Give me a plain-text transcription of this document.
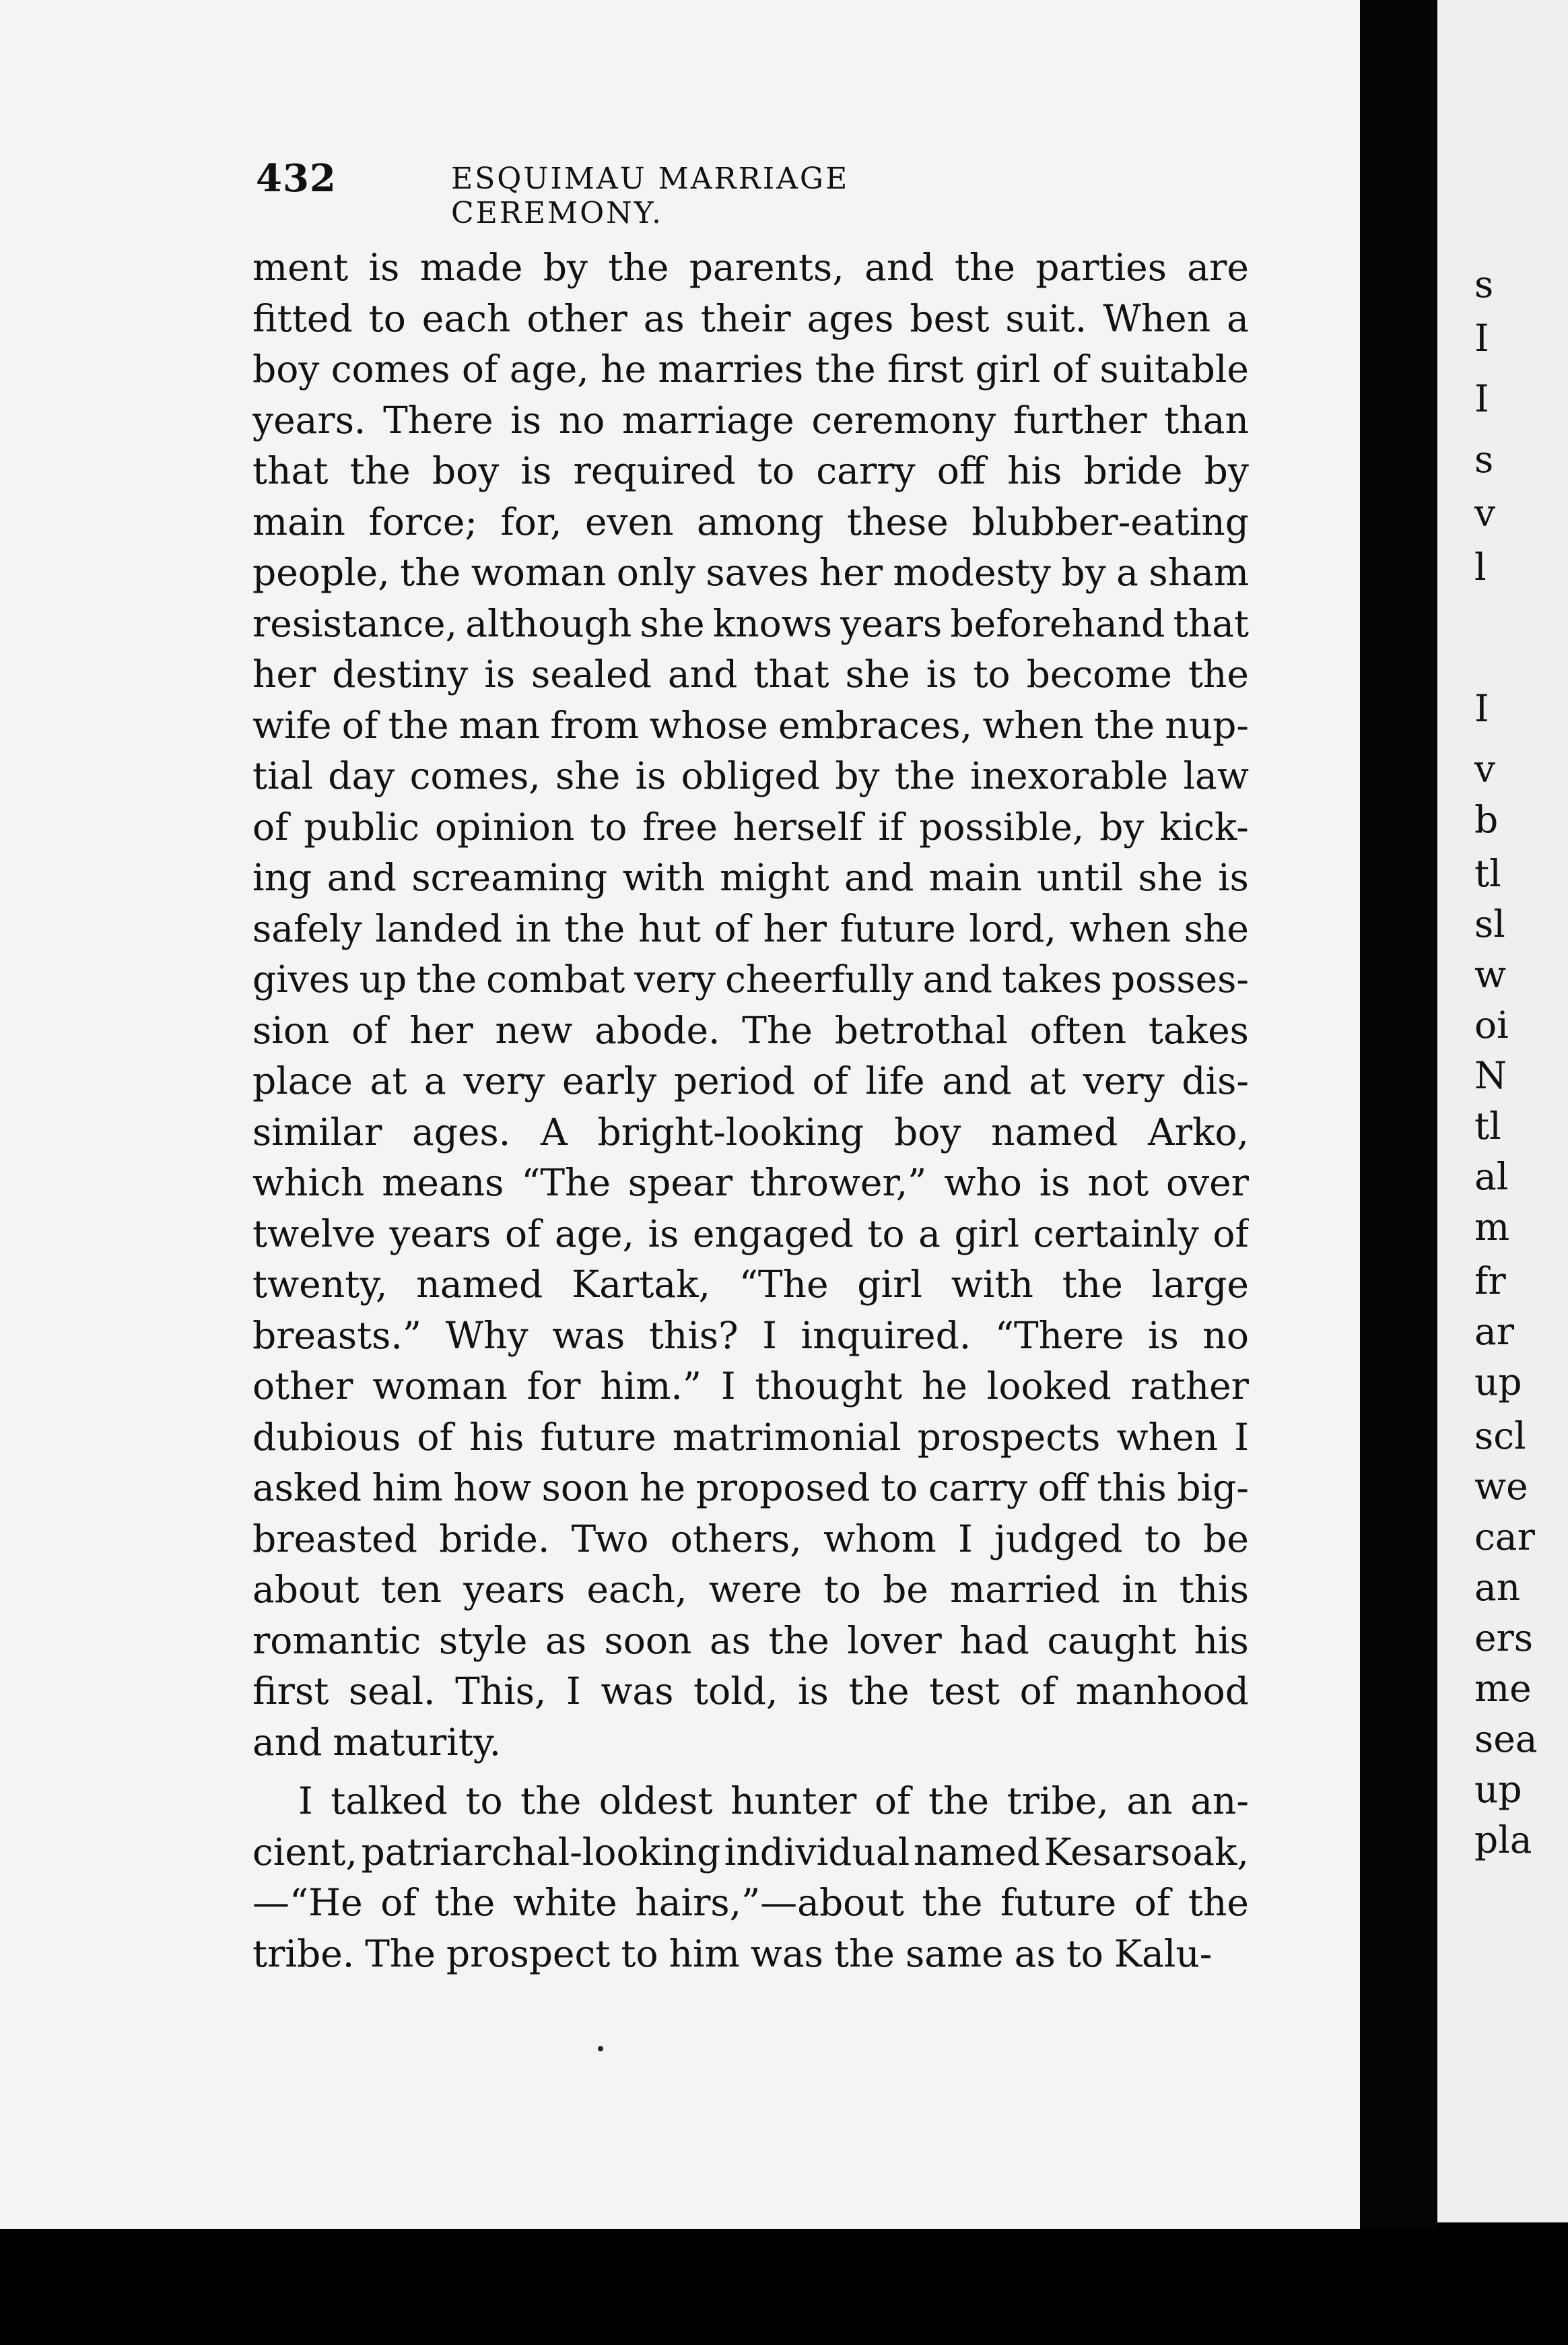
432	ESQUIMAU MARRIAGE CEREMONY.
ment is made by the parents, and the parties are
fitted to each other as their ages best suit. When a
boy comes of age, he marries the first girl of suitable
years. There is no marriage ceremony further than
that the boy is required to carry off his bride by
main force; for, even among these blubber-eating
people, the woman only saves her modesty by a sham
resistance, although she knows years beforehand that
her destiny is sealed and that she is to become the
wife of the man from whose embraces, when the nup-
tial day comes, she is obliged by the inexorable law
of public opinion to free herself if possible, by kick-
ing and screaming with might and main until she is
safely landed in the hut of her future lord, when she
gives up the combat very cheerfully and takes posses-
sion of her new abode. The betrothal often takes
place at a very early period of life and at very dis-
similar ages. A bright-looking boy named Arko,
which means “The spear thrower,” who is not over
twelve years of age, is engaged to a girl certainly of
twenty, named Kartak, “The girl with the large
breasts.” Why was this? I inquired. “There is no
other woman for him.” I thought he looked rather
dubious of his future matrimonial prospects when I
asked him how soon he proposed to carry off this big-
breasted bride. Two others, whom I judged to be
about ten years each, were to be married in this
romantic style as soon as the lover had caught his
first seal. This, I was told, is the test of manhood
and maturity.
I talked to the oldest hunter of the tribe, an an-
cient, patriarchal-looking individual named Kesarsoak,
—“He of the white hairs,”—about the future of the
tribe. The prospect to him was the same as to Kalu-
s
I
I
s
v
l
I
v
b
tl
sl
w
oi
N
tl
al
m
fr
ar
up
scl
we
car
an
ers
me
sea
up
pla
